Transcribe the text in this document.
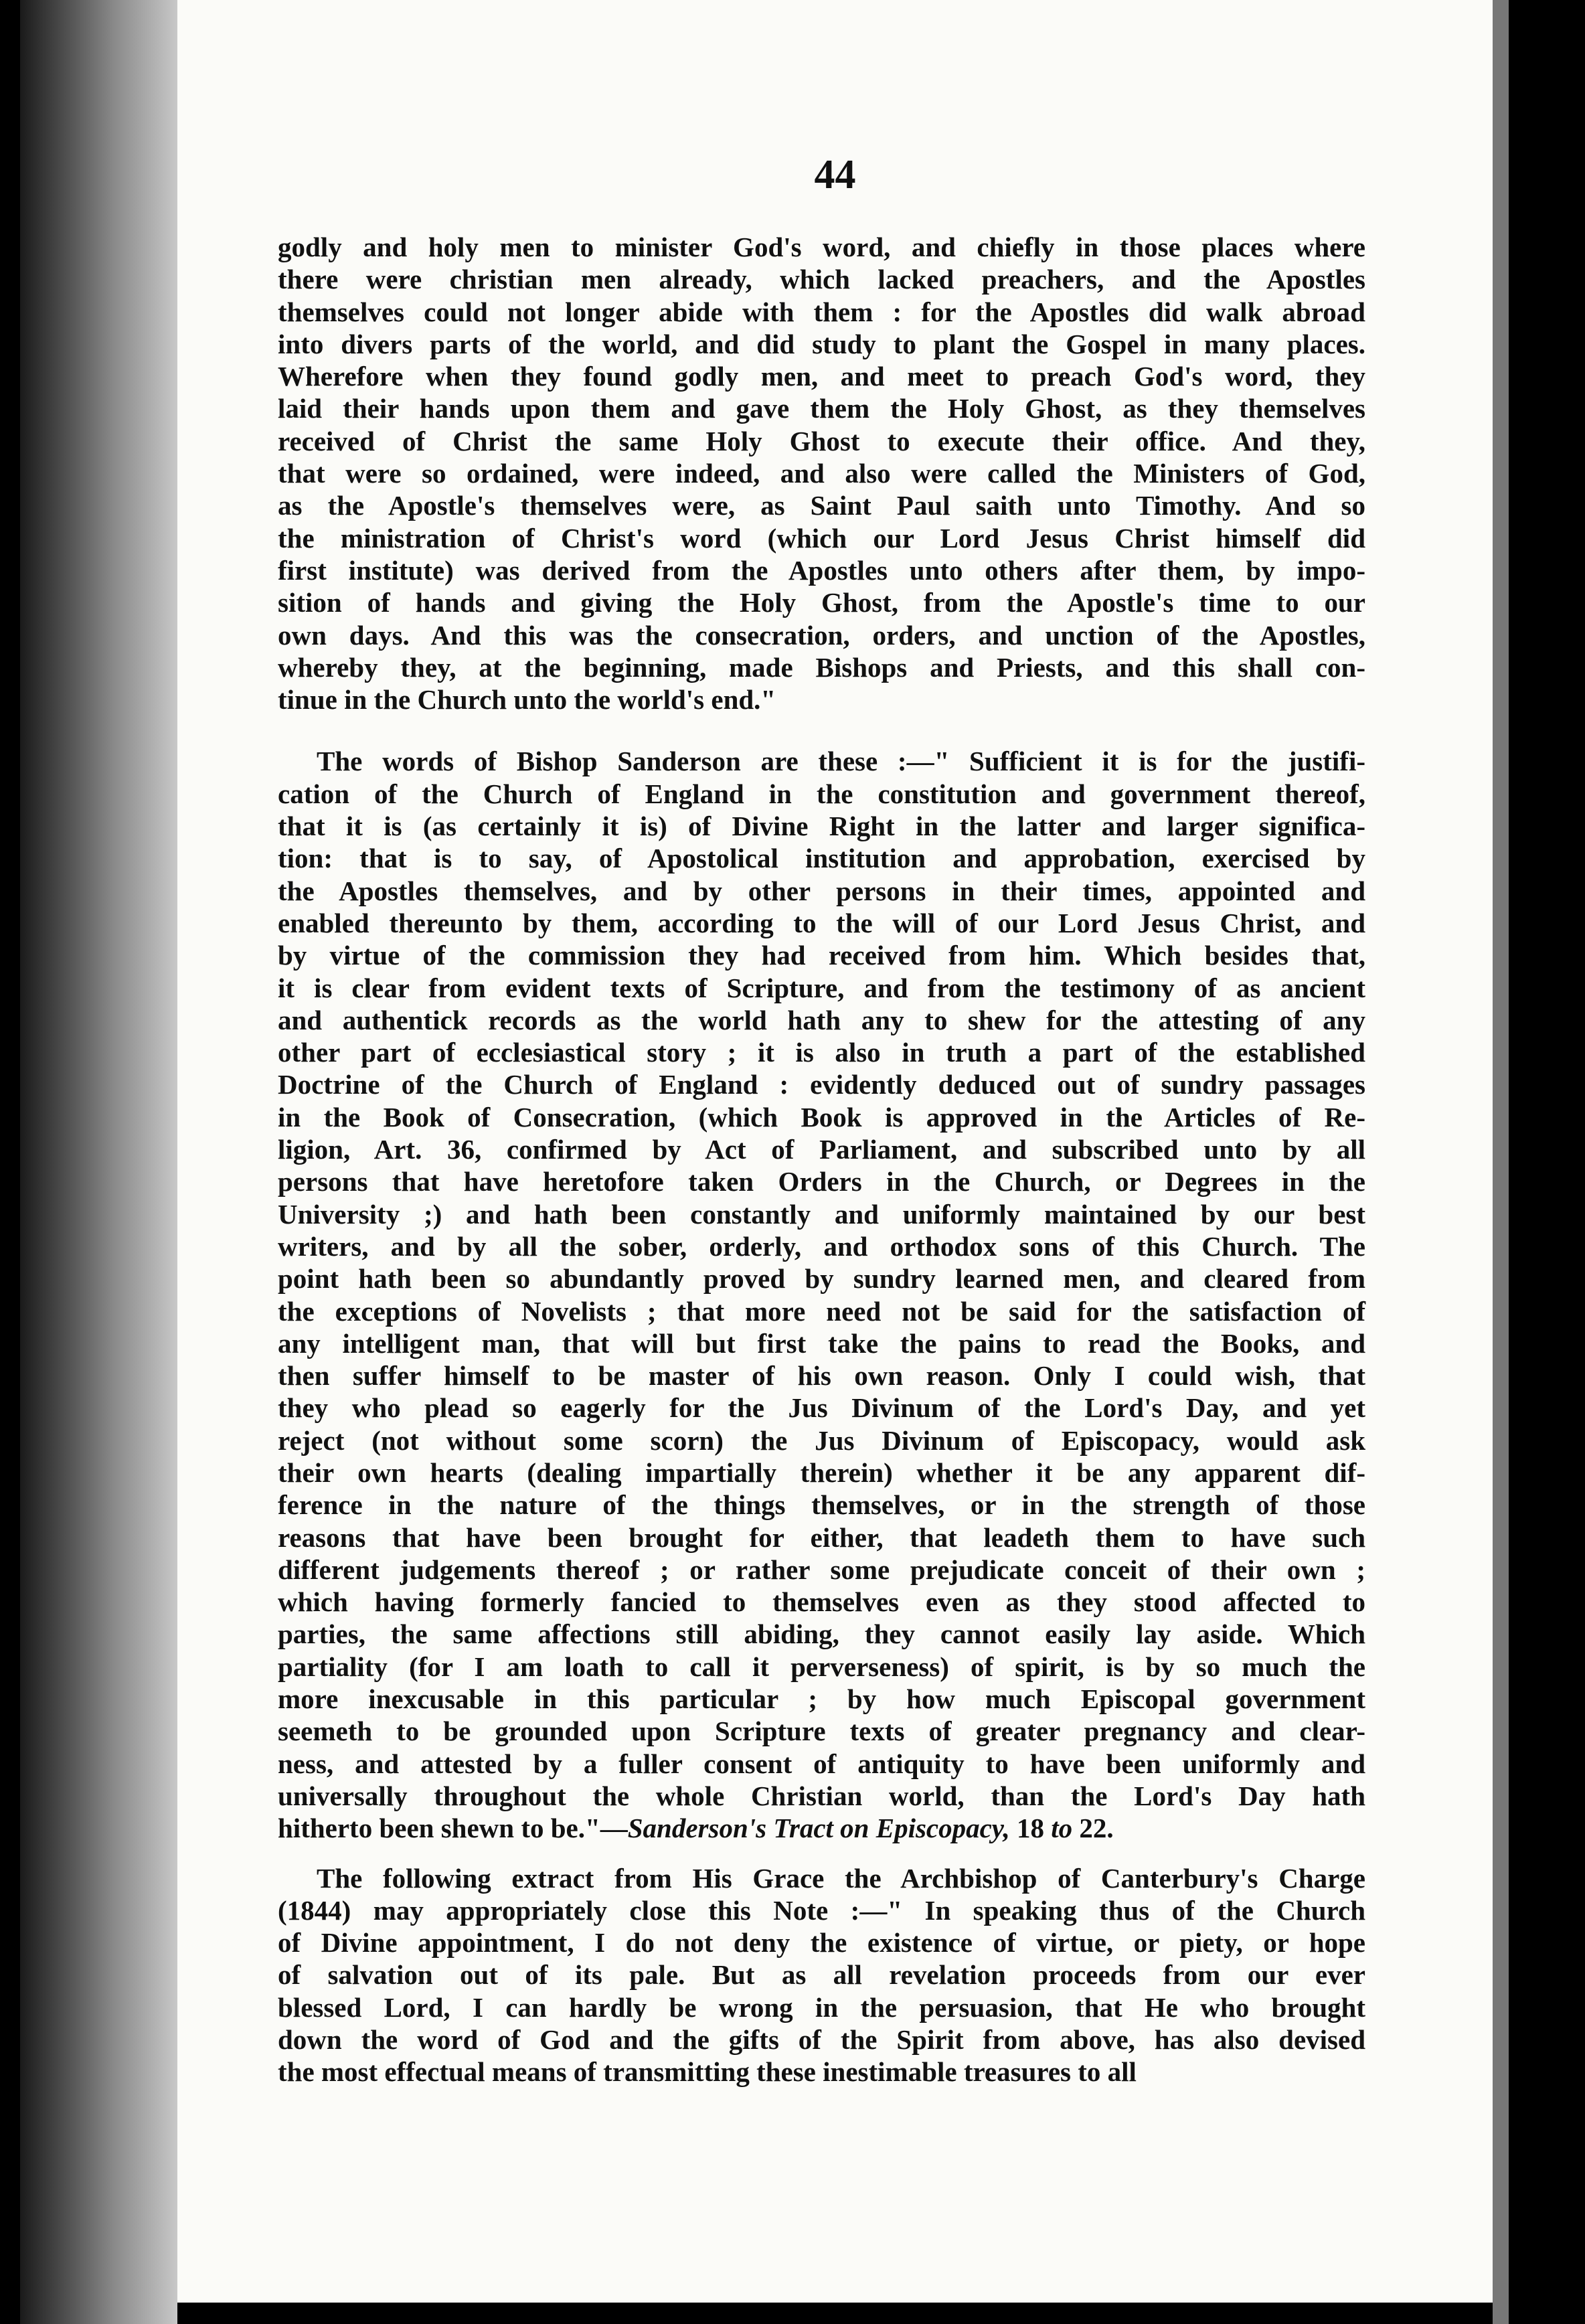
44
godly and holy men to minister God's word, and chiefly in those places where
there were christian men already, which lacked preachers, and the Apostles
themselves could not longer abide with them : for the Apostles did walk abroad
into divers parts of the world, and did study to plant the Gospel in many places.
Wherefore when they found godly men, and meet to preach God's word, they
laid their hands upon them and gave them the Holy Ghost, as they themselves
received of Christ the same Holy Ghost to execute their office. And they,
that were so ordained, were indeed, and also were called the Ministers of God,
as the Apostle's themselves were, as Saint Paul saith unto Timothy. And so
the ministration of Christ's word (which our Lord Jesus Christ himself did
first institute) was derived from the Apostles unto others after them, by impo-
sition of hands and giving the Holy Ghost, from the Apostle's time to our
own days. And this was the consecration, orders, and unction of the Apostles,
whereby they, at the beginning, made Bishops and Priests, and this shall con-
tinue in the Church unto the world's end."
The words of Bishop Sanderson are these :—" Sufficient it is for the justifi-
cation of the Church of England in the constitution and government thereof,
that it is (as certainly it is) of Divine Right in the latter and larger significa-
tion: that is to say, of Apostolical institution and approbation, exercised by
the Apostles themselves, and by other persons in their times, appointed and
enabled thereunto by them, according to the will of our Lord Jesus Christ, and
by virtue of the commission they had received from him. Which besides that,
it is clear from evident texts of Scripture, and from the testimony of as ancient
and authentick records as the world hath any to shew for the attesting of any
other part of ecclesiastical story ; it is also in truth a part of the established
Doctrine of the Church of England : evidently deduced out of sundry passages
in the Book of Consecration, (which Book is approved in the Articles of Re-
ligion, Art. 36, confirmed by Act of Parliament, and subscribed unto by all
persons that have heretofore taken Orders in the Church, or Degrees in the
University ;) and hath been constantly and uniformly maintained by our best
writers, and by all the sober, orderly, and orthodox sons of this Church. The
point hath been so abundantly proved by sundry learned men, and cleared from
the exceptions of Novelists ; that more need not be said for the satisfaction of
any intelligent man, that will but first take the pains to read the Books, and
then suffer himself to be master of his own reason. Only I could wish, that
they who plead so eagerly for the Jus Divinum of the Lord's Day, and yet
reject (not without some scorn) the Jus Divinum of Episcopacy, would ask
their own hearts (dealing impartially therein) whether it be any apparent dif-
ference in the nature of the things themselves, or in the strength of those
reasons that have been brought for either, that leadeth them to have such
different judgements thereof ; or rather some prejudicate conceit of their own ;
which having formerly fancied to themselves even as they stood affected to
parties, the same affections still abiding, they cannot easily lay aside. Which
partiality (for I am loath to call it perverseness) of spirit, is by so much the
more inexcusable in this particular ; by how much Episcopal government
seemeth to be grounded upon Scripture texts of greater pregnancy and clear-
ness, and attested by a fuller consent of antiquity to have been uniformly and
universally throughout the whole Christian world, than the Lord's Day hath
hitherto been shewn to be."—Sanderson's Tract on Episcopacy, 18 to 22.
The following extract from His Grace the Archbishop of Canterbury's Charge
(1844) may appropriately close this Note :—" In speaking thus of the Church
of Divine appointment, I do not deny the existence of virtue, or piety, or hope
of salvation out of its pale. But as all revelation proceeds from our ever
blessed Lord, I can hardly be wrong in the persuasion, that He who brought
down the word of God and the gifts of the Spirit from above, has also devised
the most effectual means of transmitting these inestimable treasures to all
